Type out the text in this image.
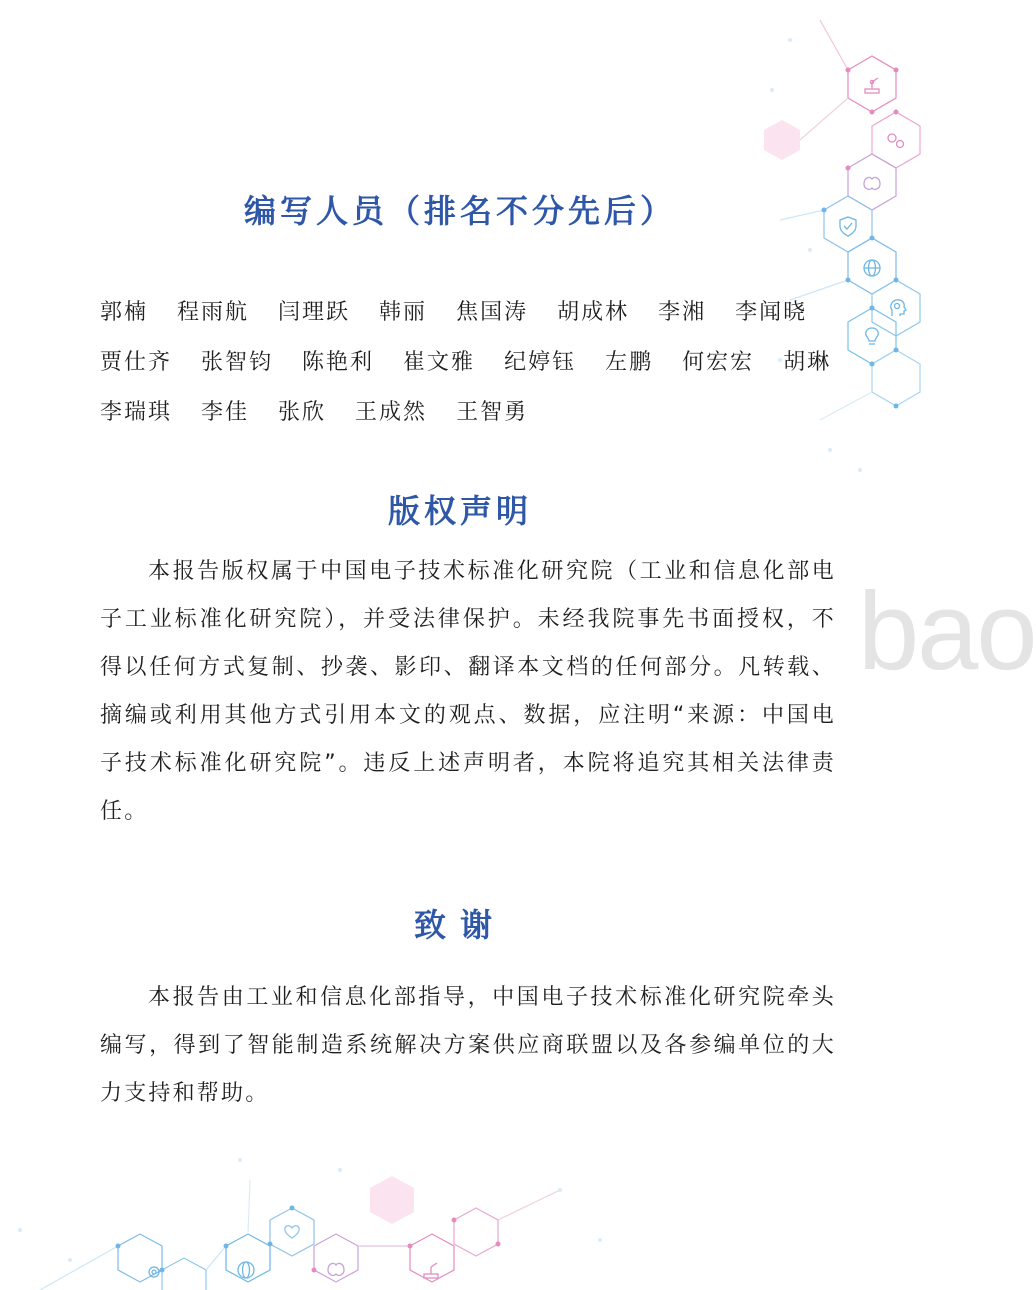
bao
编写人员（排名不分先后）
郭楠 程雨航 闫理跃 韩丽 焦国涛 胡成林 李湘 李闻晓
贾仕齐 张智钧 陈艳利 崔文雅 纪婷钰 左鹏 何宏宏 胡琳
李瑞琪 李佳 张欣 王成然 王智勇
版权声明

本报告版权属于中国电子技术标准化研究院（工业和信息化部电子工业标准化研究院），并受法律保护。未经我院事先书面授权，不得以任何方式复制、抄袭、影印、翻译本文档的任何部分。凡转载、摘编或利用其他方式引用本文的观点、数据，应注明“来源：中国电子技术标准化研究院”。违反上述声明者，本院将追究其相关法律责任。

致谢

本报告由工业和信息化部指导，中国电子技术标准化研究院牵头编写，得到了智能制造系统解决方案供应商联盟以及各参编单位的大力支持和帮助。
